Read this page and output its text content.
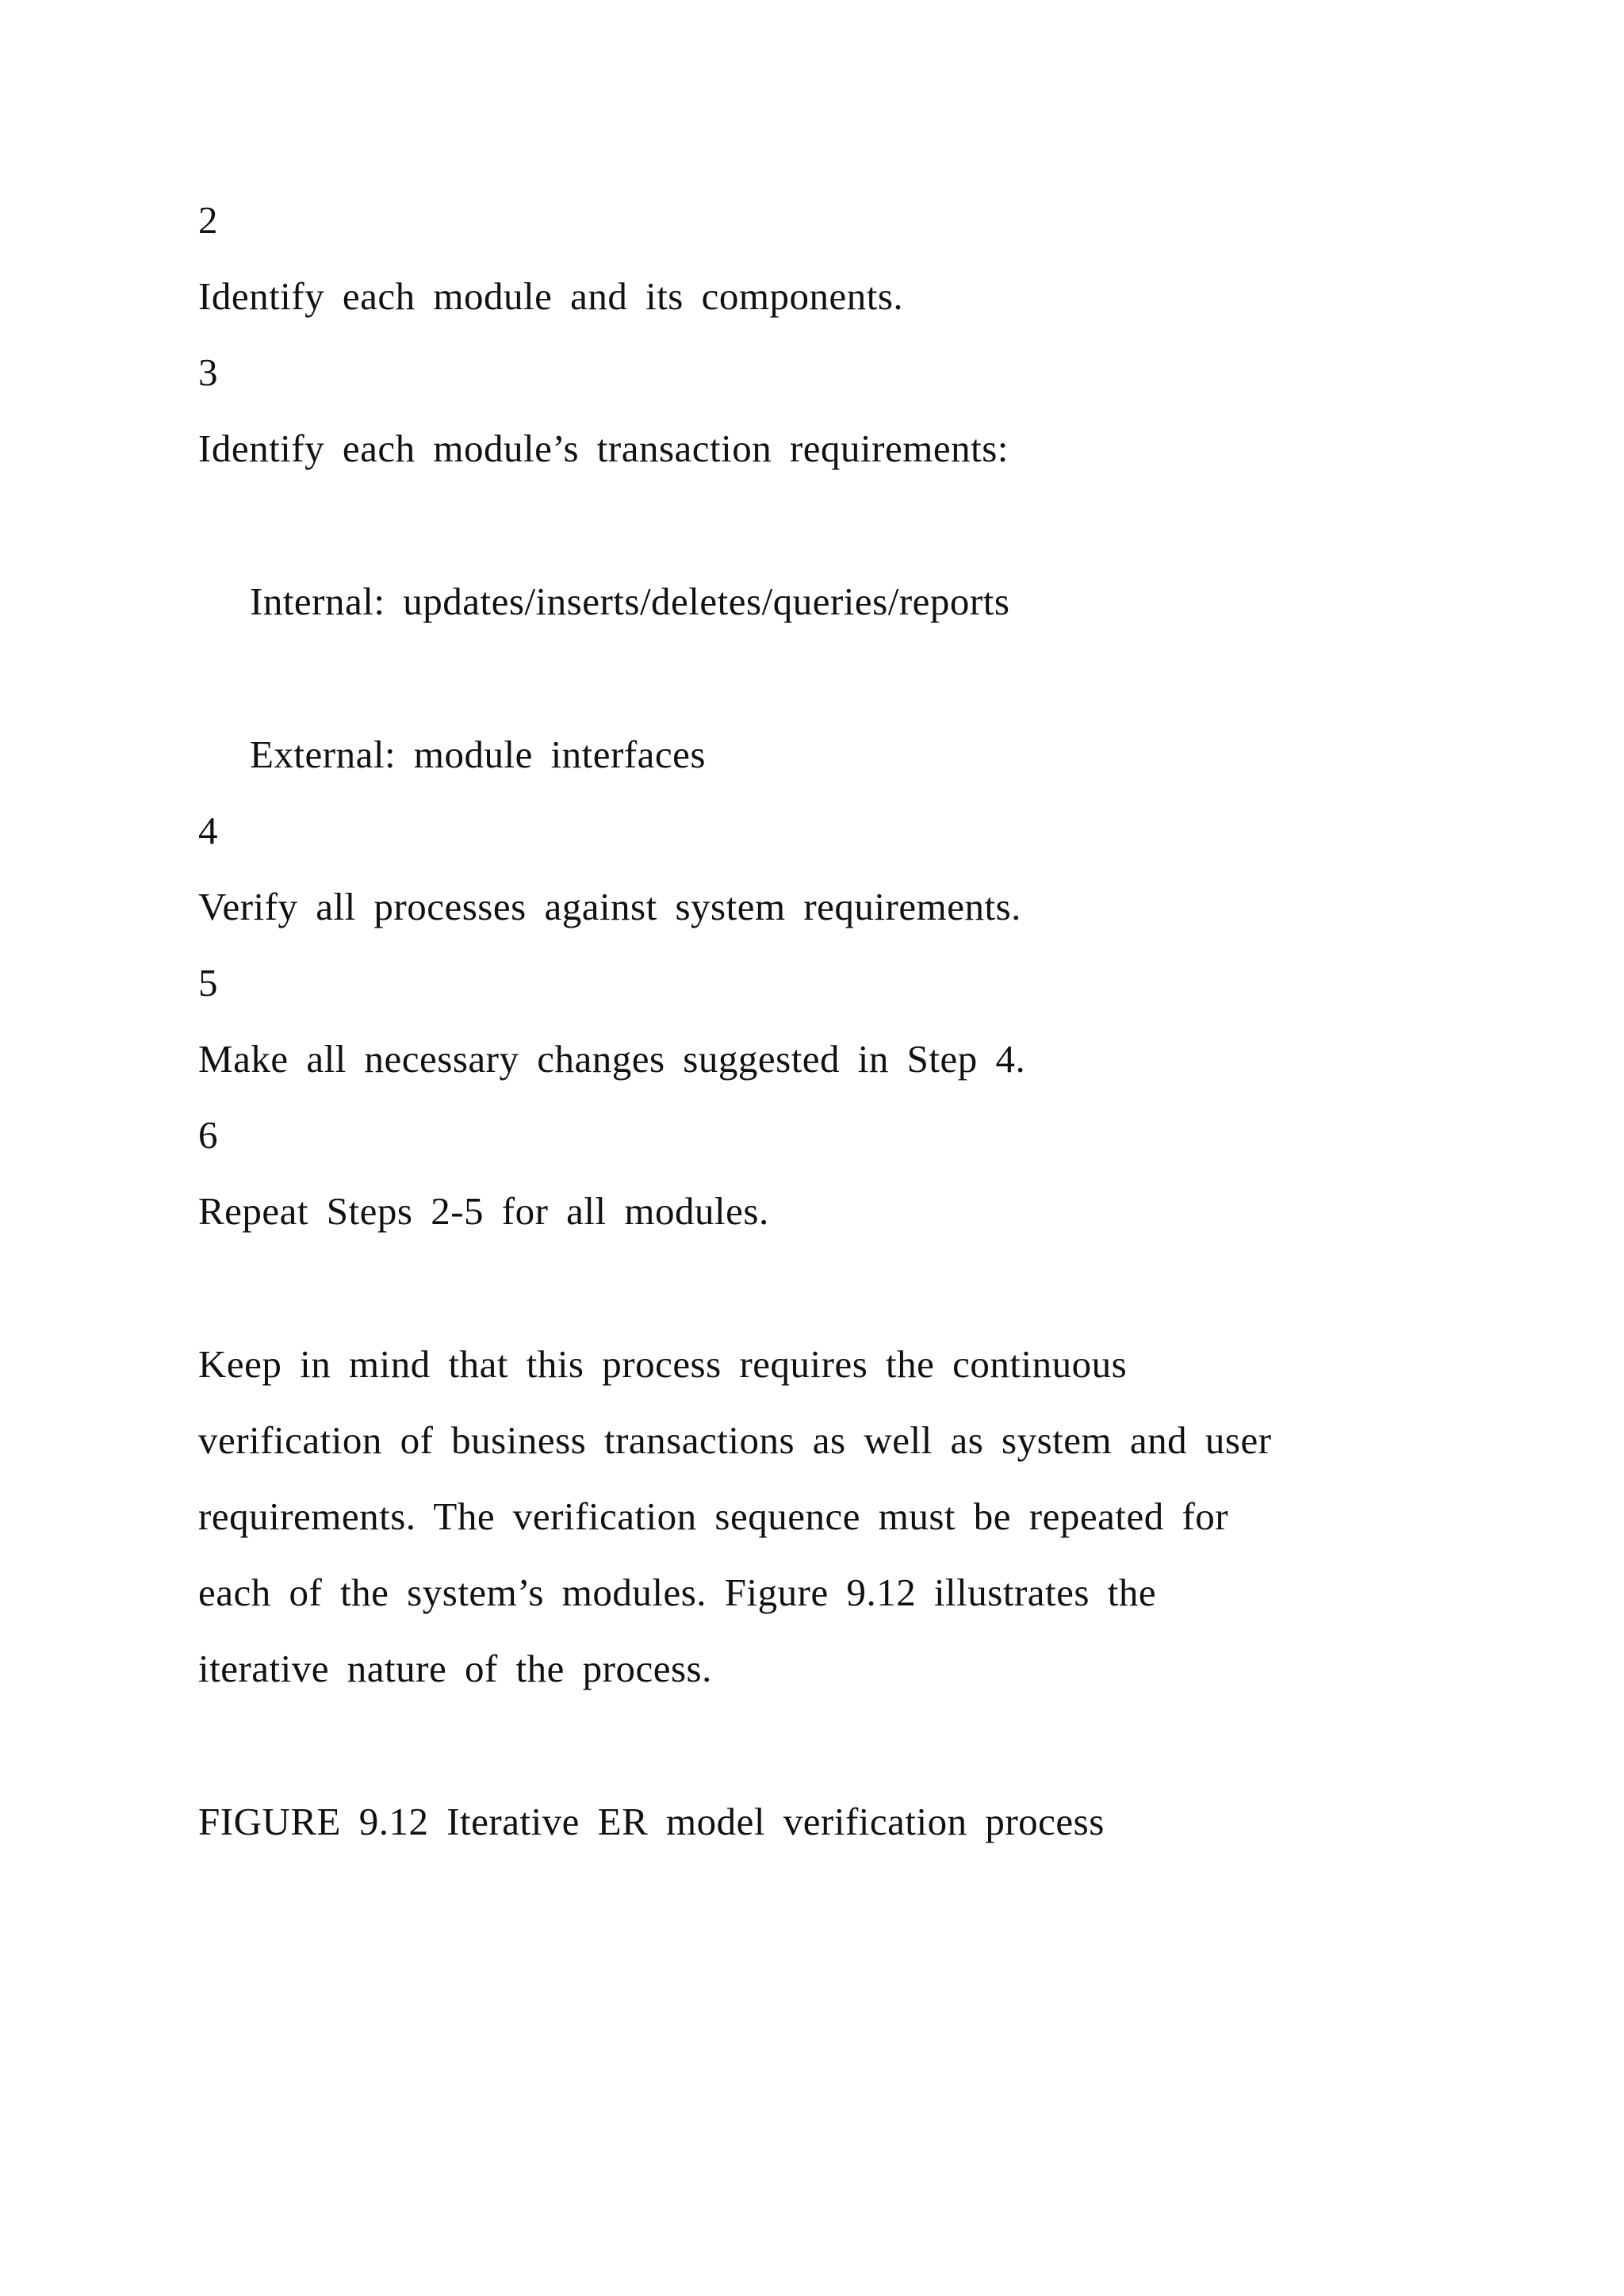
2
Identify each module and its components.
3
Identify each module’s transaction requirements:
Internal: updates/inserts/deletes/queries/reports
External: module interfaces
4
Verify all processes against system requirements.
5
Make all necessary changes suggested in Step 4.
6
Repeat Steps 2-5 for all modules.
Keep in mind that this process requires the continuous
verification of business transactions as well as system and user
requirements. The verification sequence must be repeated for
each of the system’s modules. Figure 9.12 illustrates the
iterative nature of the process.
FIGURE 9.12 Iterative ER model verification process
